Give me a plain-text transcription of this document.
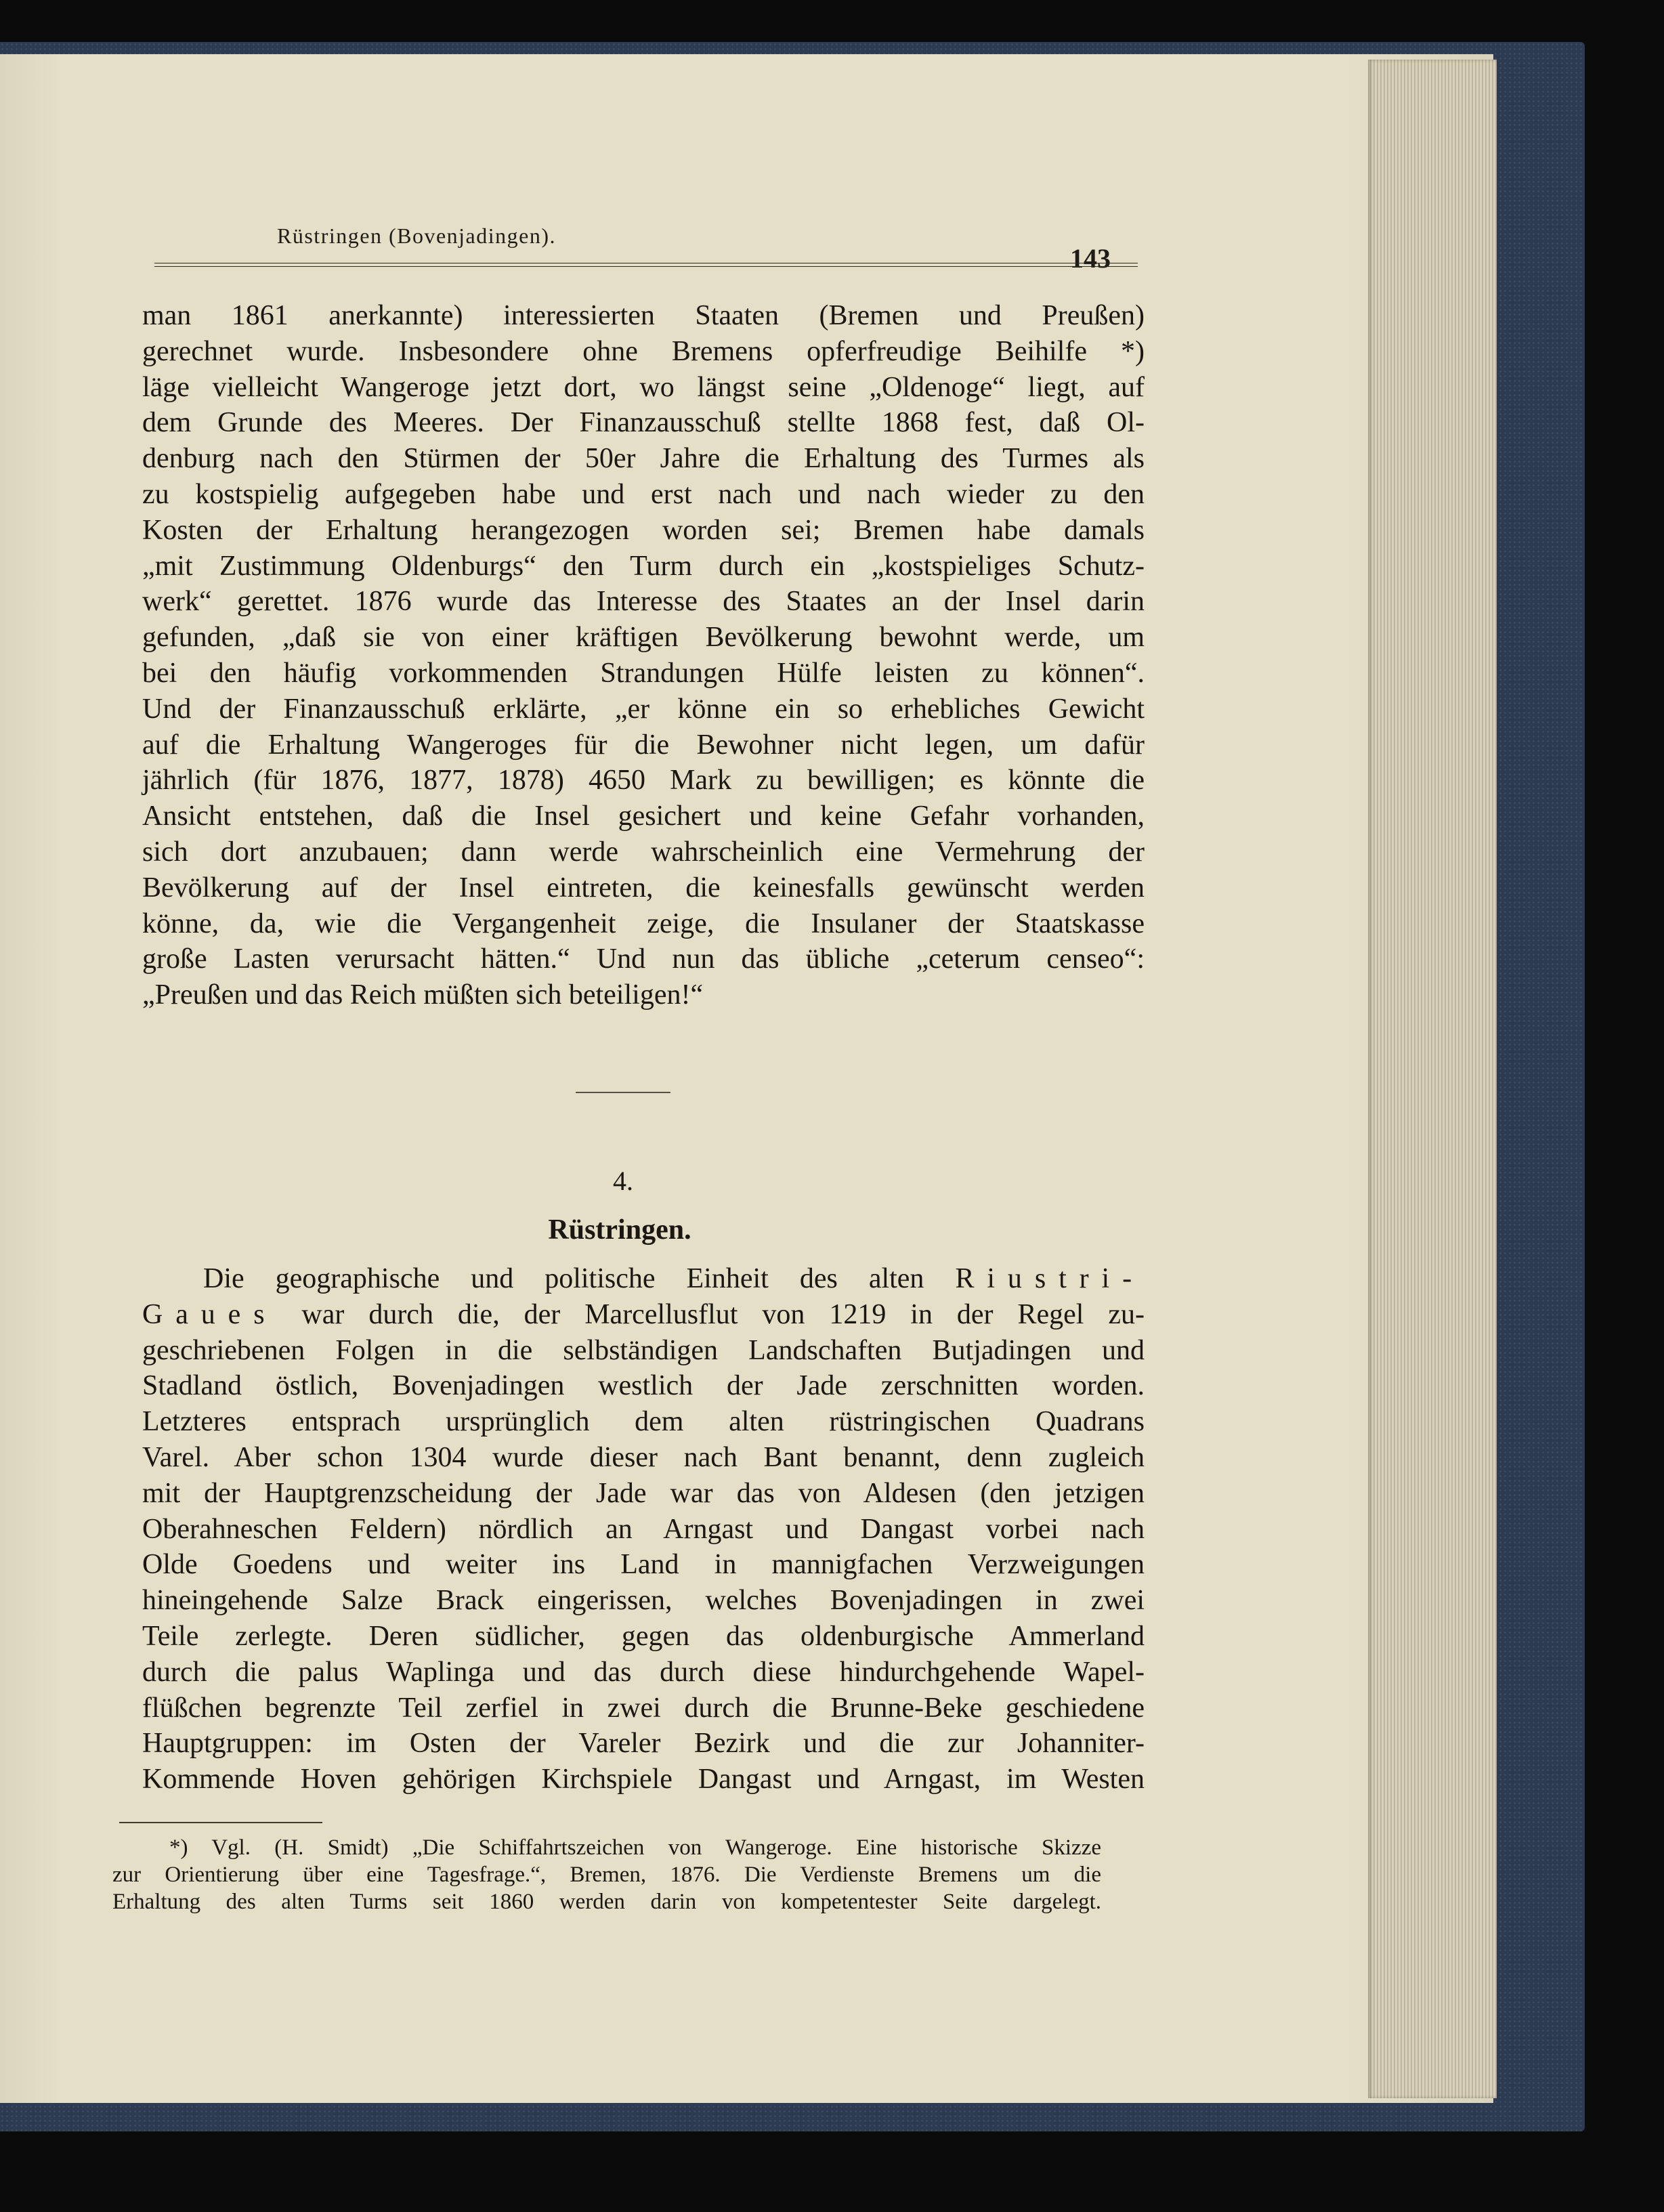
Rüstringen (Bovenjadingen).
143
man 1861 anerkannte) interessierten Staaten (Bremen und Preußen)
gerechnet wurde. Insbesondere ohne Bremens opferfreudige Beihilfe *)
läge vielleicht Wangeroge jetzt dort, wo längst seine „Oldenoge“ liegt, auf
dem Grunde des Meeres. Der Finanzausschuß stellte 1868 fest, daß Ol-
denburg nach den Stürmen der 50er Jahre die Erhaltung des Turmes als
zu kostspielig aufgegeben habe und erst nach und nach wieder zu den
Kosten der Erhaltung herangezogen worden sei; Bremen habe damals
„mit Zustimmung Oldenburgs“ den Turm durch ein „kostspieliges Schutz-
werk“ gerettet. 1876 wurde das Interesse des Staates an der Insel darin
gefunden, „daß sie von einer kräftigen Bevölkerung bewohnt werde, um
bei den häufig vorkommenden Strandungen Hülfe leisten zu können“.
Und der Finanzausschuß erklärte, „er könne ein so erhebliches Gewicht
auf die Erhaltung Wangeroges für die Bewohner nicht legen, um dafür
jährlich (für 1876, 1877, 1878) 4650 Mark zu bewilligen; es könnte die
Ansicht entstehen, daß die Insel gesichert und keine Gefahr vorhanden,
sich dort anzubauen; dann werde wahrscheinlich eine Vermehrung der
Bevölkerung auf der Insel eintreten, die keinesfalls gewünscht werden
könne, da, wie die Vergangenheit zeige, die Insulaner der Staatskasse
große Lasten verursacht hätten.“ Und nun das übliche „ceterum censeo“:
„Preußen und das Reich müßten sich beteiligen!“
4.
Rüstringen.
Die geographische und politische Einheit des alten Riustri-
Gaues war durch die, der Marcellusflut von 1219 in der Regel zu-
geschriebenen Folgen in die selbständigen Landschaften Butjadingen und
Stadland östlich, Bovenjadingen westlich der Jade zerschnitten worden.
Letzteres entsprach ursprünglich dem alten rüstringischen Quadrans
Varel. Aber schon 1304 wurde dieser nach Bant benannt, denn zugleich
mit der Hauptgrenzscheidung der Jade war das von Aldesen (den jetzigen
Oberahneschen Feldern) nördlich an Arngast und Dangast vorbei nach
Olde Goedens und weiter ins Land in mannigfachen Verzweigungen
hineingehende Salze Brack eingerissen, welches Bovenjadingen in zwei
Teile zerlegte. Deren südlicher, gegen das oldenburgische Ammerland
durch die palus Waplinga und das durch diese hindurchgehende Wapel-
flüßchen begrenzte Teil zerfiel in zwei durch die Brunne-Beke geschiedene
Hauptgruppen: im Osten der Vareler Bezirk und die zur Johanniter-
Kommende Hoven gehörigen Kirchspiele Dangast und Arngast, im Westen
*) Vgl. (H. Smidt) „Die Schiffahrtszeichen von Wangeroge. Eine historische Skizze
zur Orientierung über eine Tagesfrage.“, Bremen, 1876. Die Verdienste Bremens um die
Erhaltung des alten Turms seit 1860 werden darin von kompetentester Seite dargelegt.
